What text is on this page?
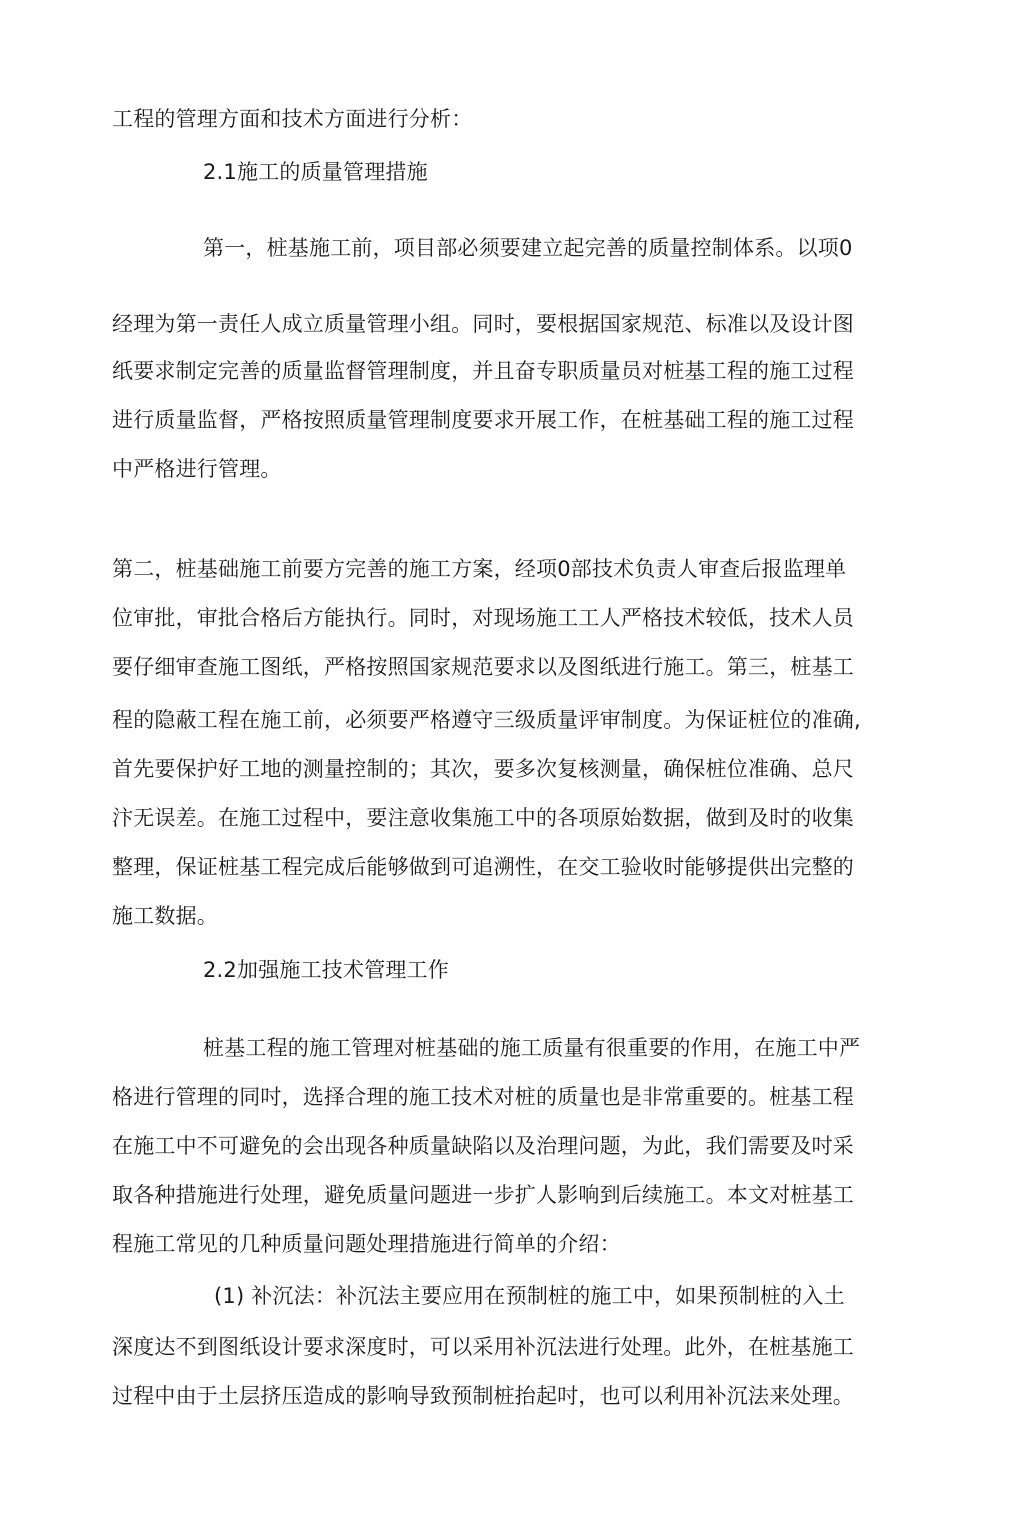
工程的管理方面和技术方面进行分析：
2.1施工的质量管理措施
第一，桩基施工前，项目部必须要建立起完善的质量控制体系。以项0
经理为第一责任人成立质量管理小组。同时，要根据国家规范、标准以及设计图
纸要求制定完善的质量监督管理制度，并且奋专职质量员对桩基工程的施工过程
进行质量监督，严格按照质量管理制度要求开展工作，在桩基础工程的施工过程
中严格进行管理。
第二，桩基础施工前要方完善的施工方案，经项0部技术负责人审查后报监理单
位审批，审批合格后方能执行。同时，对现场施工工人严格技术较低，技术人员
要仔细审查施工图纸，严格按照国家规范要求以及图纸进行施工。第三，桩基工
程的隐蔽工程在施工前，必须要严格遵守三级质量评审制度。为保证桩位的准确,
首先要保护好工地的测量控制的；其次，要多次复核测量，确保桩位准确、总尺
汴无误差。在施工过程中，要注意收集施工中的各项原始数据，做到及时的收集
整理，保证桩基工程完成后能够做到可追溯性，在交工验收时能够提供出完整的
施工数据。
2.2加强施工技术管理工作
桩基工程的施工管理对桩基础的施工质量有很重要的作用，在施工中严
格进行管理的同吋，选择合理的施工技术对桩的质量也是非常重要的。桩基工程
在施工中不可避免的会出现各种质量缺陷以及治理问题，为此，我们需要及吋采
取各种措施进行处理，避免质量问题进一步扩人影响到后续施工。本文对桩基工
程施工常见的几种质量问题处理措施进行简单的介绍：
(1) 补沉法：补沉法主要应用在预制桩的施工中，如果预制桩的入土
深度达不到图纸设计要求深度时，可以采用补沉法进行处理。此外，在桩基施工
过程中由于土层挤压造成的影响导致预制桩抬起吋，也可以利用补沉法来处理。
